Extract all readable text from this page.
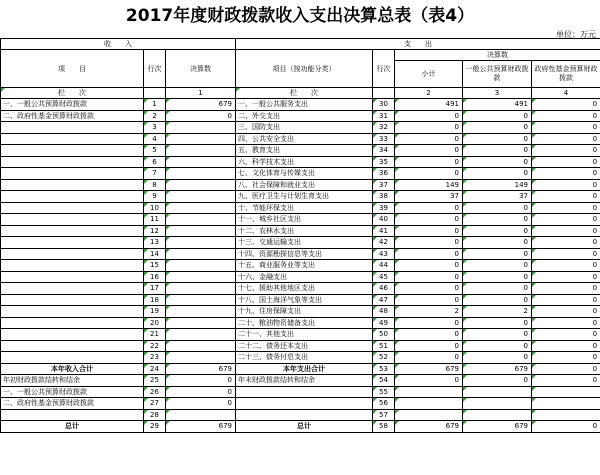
2017年度财政拨款收入支出决算总表（表4）
单位：万元
收　　入			支　　出				
项　　目	行次	决算数	项目（按功能分类）	行次	决算数		
					小计	一般公共预算财政拨款	政府性基金预算财政拨款
栏　　次		1	栏　　次		2	3	4
一、一般公共预算财政拨款	1	679	一、一般公共服务支出	30	491	491	0
二、政府性基金预算财政拨款	2	0	二、外交支出	31	0	0	0
	3		三、国防支出	32	0	0	0
	4		四、公共安全支出	33	0	0	0
	5		五、教育支出	34	0	0	0
	6		六、科学技术支出	35	0	0	0
	7		七、文化体育与传媒支出	36	0	0	0
	8		八、社会保障和就业支出	37	149	149	0
	9		九、医疗卫生与计划生育支出	38	37	37	0
	10		十、节能环保支出	39	0	0	0
	11		十一、城乡社区支出	40	0	0	0
	12		十二、农林水支出	41	0	0	0
	13		十三、交通运输支出	42	0	0	0
	14		十四、资源勘探信息等支出	43	0	0	0
	15		十五、商业服务业等支出	44	0	0	0
	16		十六、金融支出	45	0	0	0
	17		十七、援助其他地区支出	46	0	0	0
	18		十八、国土海洋气象等支出	47	0	0	0
	19		十九、住房保障支出	48	2	2	0
	20		二十、粮油物资储备支出	49	0	0	0
	21		二十一、其他支出	50	0	0	0
	22		二十二、债务还本支出	51	0	0	0
	23		二十三、债务付息支出	52	0	0	0
本年收入合计	24	679	本年支出合计	53	679	679	0
年初财政拨款结转和结余	25	0	年末财政拨款结转和结余	54	0	0	0
一、一般公共预算财政拨款	26	0		55			
二、政府性基金预算财政拨款	27	0		56			
	28			57			
总计	29	679	总计	58	679	679	0
